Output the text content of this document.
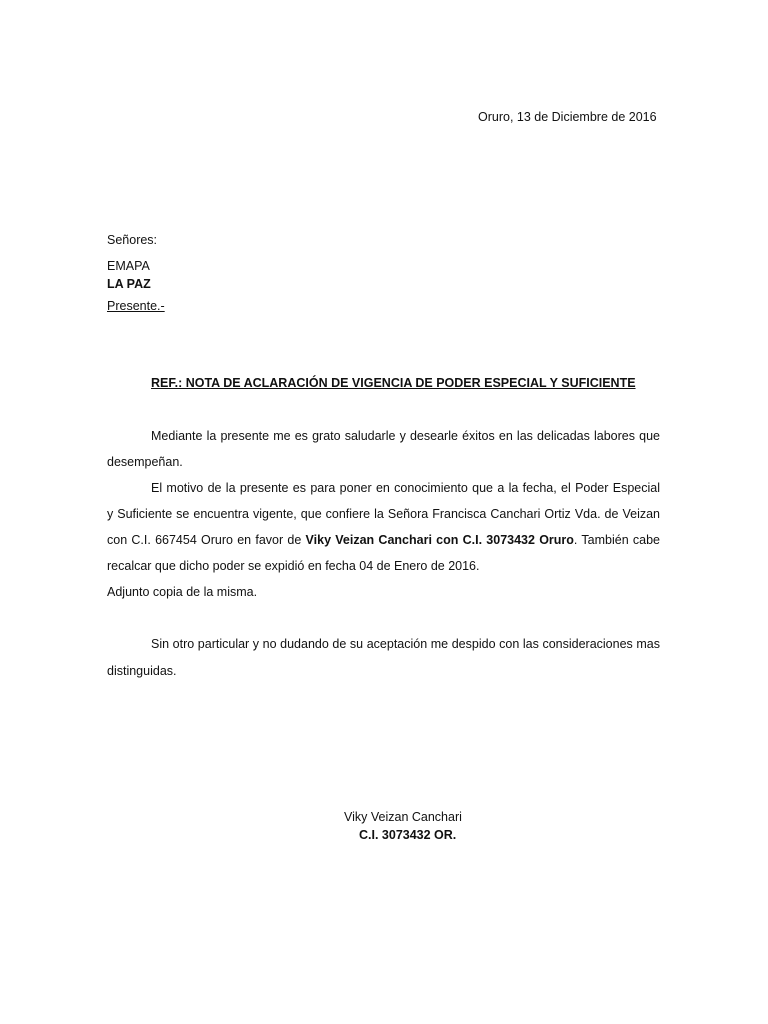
Oruro, 13 de Diciembre de 2016
Señores:
EMAPA
LA PAZ
Presente.-
REF.: NOTA DE ACLARACIÓN DE VIGENCIA DE PODER ESPECIAL Y SUFICIENTE
Mediante la presente me es grato saludarle y desearle éxitos en las delicadas labores que
desempeñan.
El motivo de la presente es para poner en conocimiento que a la fecha, el Poder Especial
y Suficiente se encuentra vigente, que confiere la Señora Francisca Canchari Ortiz Vda. de Veizan
con C.I. 667454 Oruro en favor de Viky Veizan Canchari con C.I. 3073432 Oruro. También cabe
recalcar que dicho poder se expidió en fecha 04 de Enero de 2016.
Adjunto copia de la misma.
Sin otro particular y no dudando de su aceptación me despido con las consideraciones mas
distinguidas.
Viky Veizan Canchari
C.I. 3073432 OR.
